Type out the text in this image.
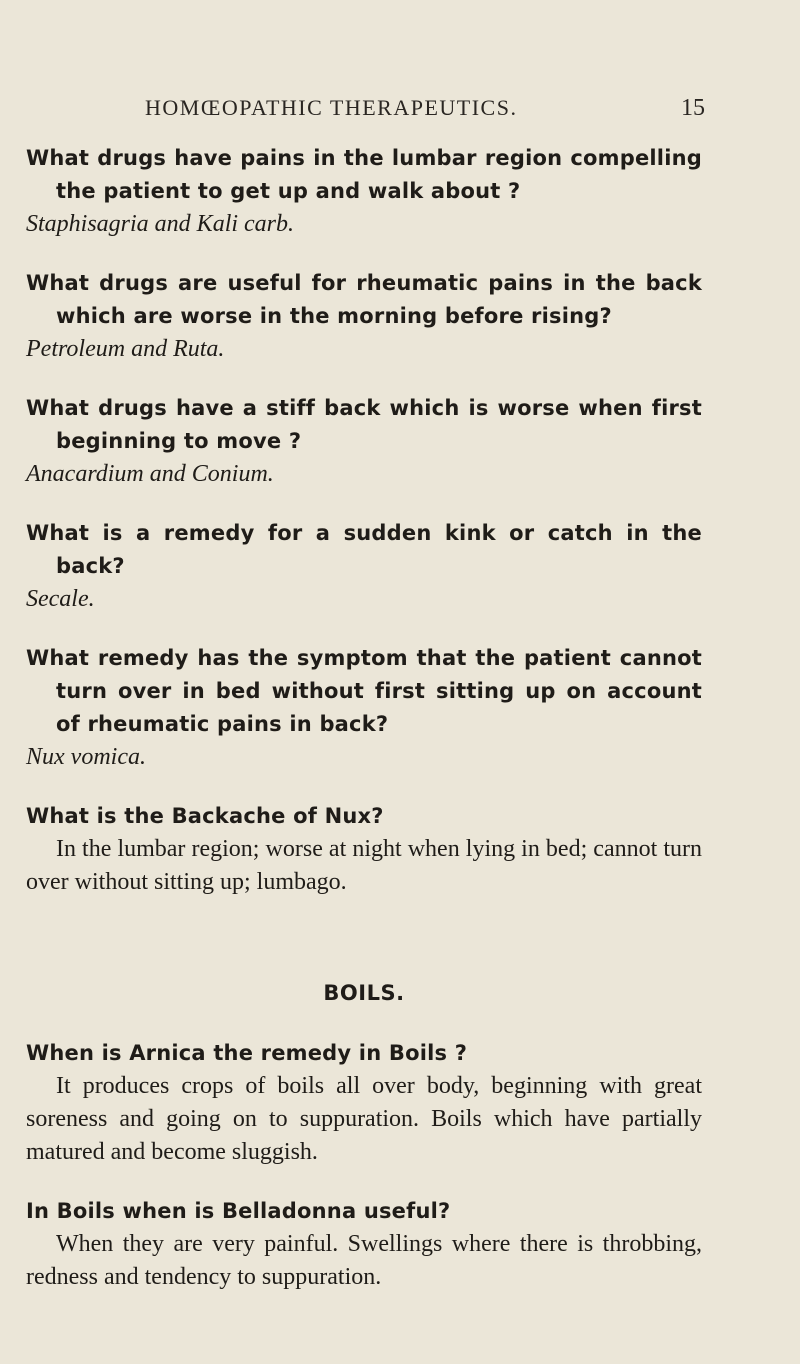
HOMŒOPATHIC THERAPEUTICS.	15
What drugs have pains in the lumbar region compelling the patient to get up and walk about ?
Staphisagria and Kali carb.
What drugs are useful for rheumatic pains in the back which are worse in the morning before rising?
Petroleum and Ruta.
What drugs have a stiff back which is worse when first beginning to move ?
Anacardium and Conium.
What is a remedy for a sudden kink or catch in the back?
Secale.
What remedy has the symptom that the patient cannot turn over in bed without first sitting up on account of rheumatic pains in back?
Nux vomica.
What is the Backache of Nux?
In the lumbar region; worse at night when lying in bed; cannot turn over without sitting up; lumbago.
BOILS.
When is Arnica the remedy in Boils ?
It produces crops of boils all over body, beginning with great soreness and going on to suppuration. Boils which have partially matured and become sluggish.
In Boils when is Belladonna useful?
When they are very painful. Swellings where there is throbbing, redness and tendency to suppuration.
